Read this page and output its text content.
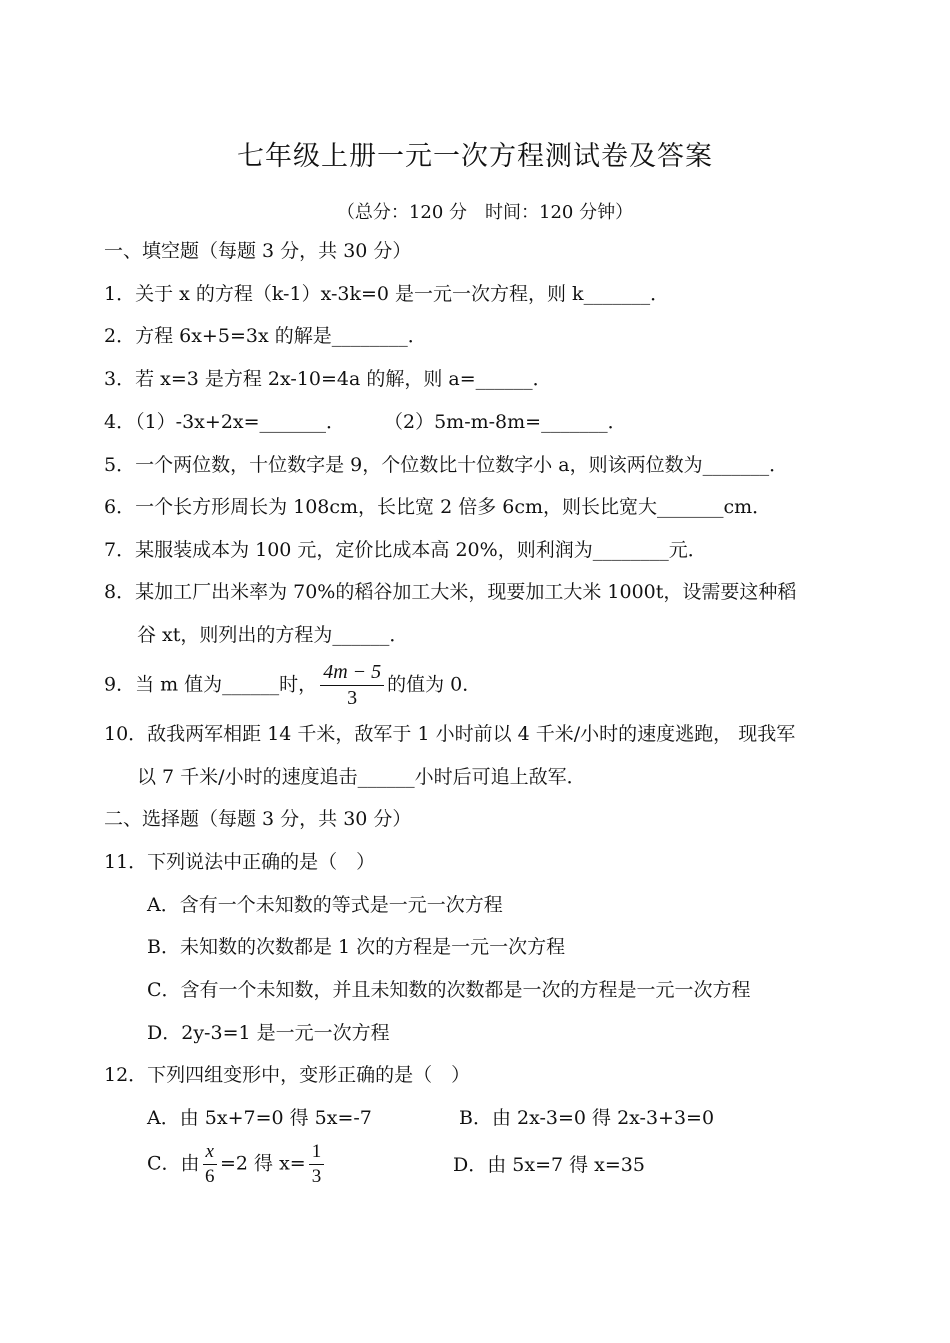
七年级上册一元一次方程测试卷及答案
（总分：120 分　时间：120 分钟）
一、填空题（每题 3 分，共 30 分）
1．关于 x 的方程（k-1）x-3k=0 是一元一次方程，则 k_______．
2．方程 6x+5=3x 的解是________．
3．若 x=3 是方程 2x-10=4a 的解，则 a=______．
4．（1）-3x+2x=_______． （2）5m-m-8m=_______．
5．一个两位数，十位数字是 9，个位数比十位数字小 a，则该两位数为_______．
6．一个长方形周长为 108cm，长比宽 2 倍多 6cm，则长比宽大_______cm．
7．某服装成本为 100 元，定价比成本高 20%，则利润为________元．
8．某加工厂出米率为 70%的稻谷加工大米，现要加工大米 1000t，设需要这种稻
谷 xt，则列出的方程为______．
9．当 m 值为______时， $\frac{4m - 5}{3}$ 的值为 0．
10．敌我两军相距 14 千米，敌军于 1 小时前以 4 千米/小时的速度逃跑， 现我军
以 7 千米/小时的速度追击______小时后可追上敌军．
二、选择题（每题 3 分，共 30 分）
11．下列说法中正确的是（　）
A．含有一个未知数的等式是一元一次方程
B．未知数的次数都是 1 次的方程是一元一次方程
C．含有一个未知数，并且未知数的次数都是一次的方程是一元一次方程
D．2y-3=1 是一元一次方程
12．下列四组变形中，变形正确的是（　）
A．由 5x+7=0 得 5x=-7	B．由 2x-3=0 得 2x-3+3=0
C．由 $\frac{x}{6} =2$ 得 $x= \frac{1}{3}$	D．由 5x=7 得 x=35
